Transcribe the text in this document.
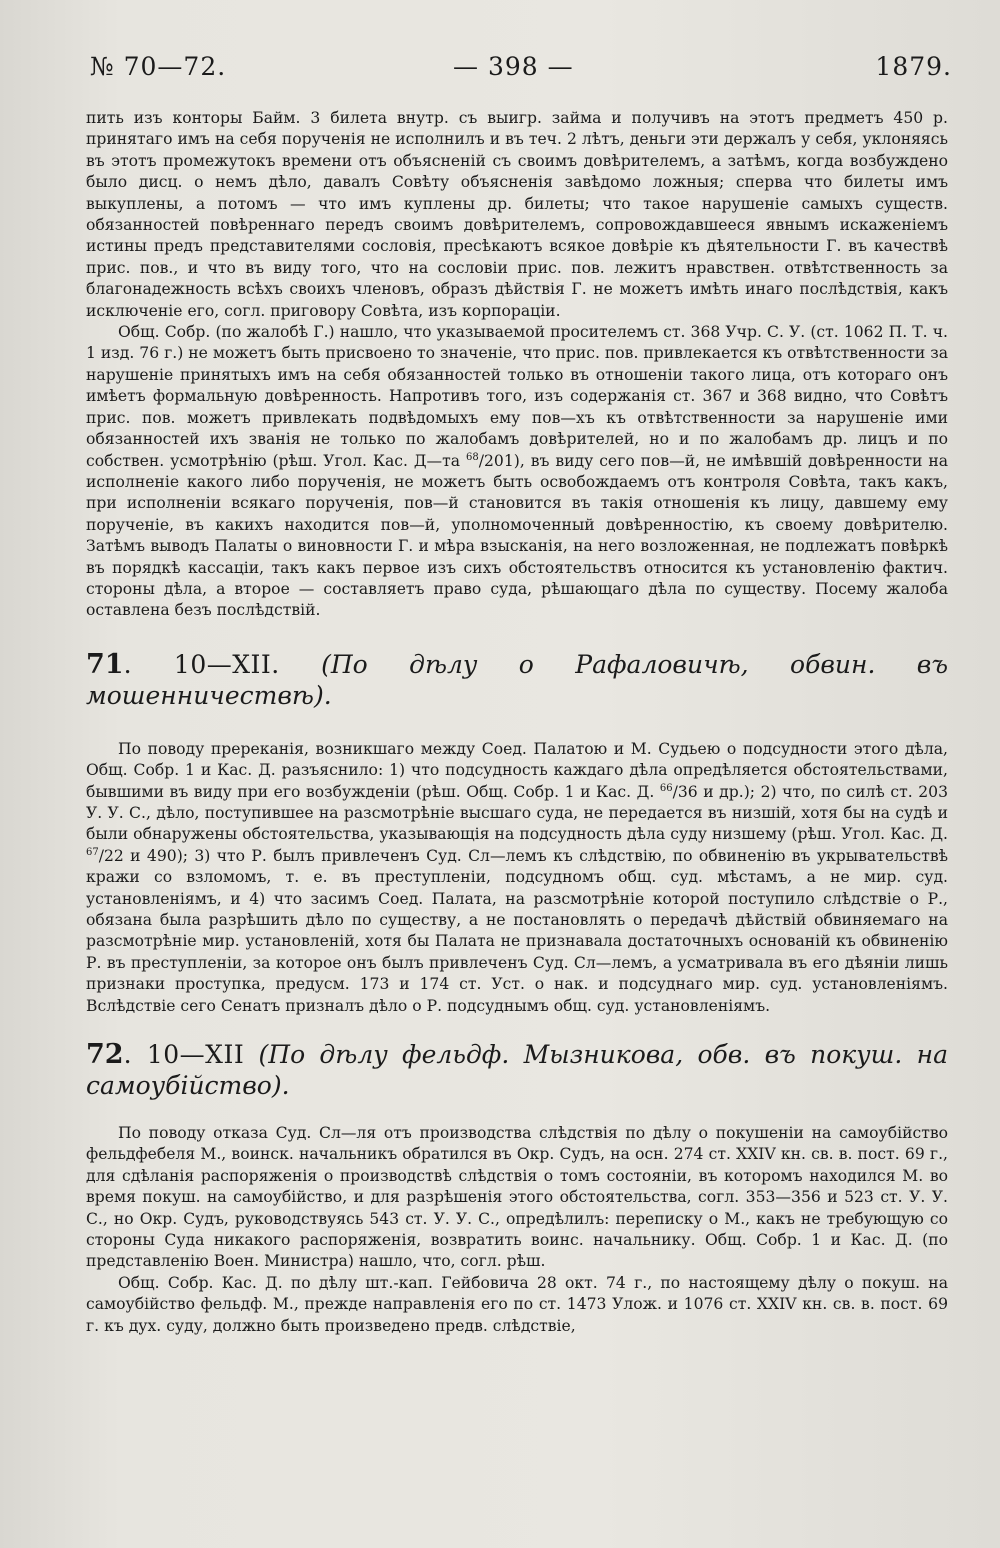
№ 70—72.	— 398 —	1879.

пить изъ конторы Байм. 3 билета внутр. съ выигр. займа и получивъ на этотъ предметъ 450 р. принятаго имъ на себя порученія не исполнилъ и въ теч. 2 лѣтъ, деньги эти держалъ у себя, уклоняясь въ этотъ промежутокъ времени отъ объясненій съ своимъ довѣрителемъ, а затѣмъ, когда возбуждено было дисц. о немъ дѣло, давалъ Совѣту объясненія завѣдомо ложныя; сперва что билеты имъ выкуплены, а потомъ — что имъ куплены др. билеты; что такое нарушеніе самыхъ существ. обязанностей повѣреннаго передъ своимъ довѣрителемъ, сопровождавшееся явнымъ искаженіемъ истины предъ представителями сословія, пресѣкаютъ всякое довѣріе къ дѣятельности Г. въ качествѣ прис. пов., и что въ виду того, что на сословіи прис. пов. лежитъ нравствен. отвѣтственность за благонадежность всѣхъ своихъ членовъ, образъ дѣйствія Г. не можетъ имѣть инаго послѣдствія, какъ исключеніе его, согл. приговору Совѣта, изъ корпораціи.

Общ. Собр. (по жалобѣ Г.) нашло, что указываемой просителемъ ст. 368 Учр. С. У. (ст. 1062 П. Т. ч. 1 изд. 76 г.) не можетъ быть присвоено то значеніе, что прис. пов. привлекается къ отвѣтственности за нарушеніе принятыхъ имъ на себя обязанностей только въ отношеніи такого лица, отъ котораго онъ имѣетъ формальную довѣренность. Напротивъ того, изъ содержанія ст. 367 и 368 видно, что Совѣтъ прис. пов. можетъ привлекать подвѣдомыхъ ему пов—хъ къ отвѣтственности за нарушеніе ими обязанностей ихъ званія не только по жалобамъ довѣрителей, но и по жалобамъ др. лицъ и по собствен. усмотрѣнію (рѣш. Угол. Кас. Д—та $^{68}$/201), въ виду сего пов—й, не имѣвшій довѣренности на исполненіе какого либо порученія, не можетъ быть освобождаемъ отъ контроля Совѣта, такъ какъ, при исполненіи всякаго порученія, пов—й становится въ такія отношенія къ лицу, давшему ему порученіе, въ какихъ находится пов—й, уполномоченный довѣренностію, къ своему довѣрителю. Затѣмъ выводъ Палаты о виновности Г. и мѣра взысканія, на него возложенная, не подлежатъ повѣркѣ въ порядкѣ кассаціи, такъ какъ первое изъ сихъ обстоятельствъ относится къ установленію фактич. стороны дѣла, а второе — составляетъ право суда, рѣшающаго дѣла по существу. Посему жалоба оставлена безъ послѣдствій.

71. 10—XII. (По дѣлу о Рафаловичѣ, обвин. въ мошенничествѣ).

По поводу пререканія, возникшаго между Соед. Палатою и М. Судьею о подсудности этого дѣла, Общ. Собр. 1 и Кас. Д. разъяснило: 1) что подсудность каждаго дѣла опредѣляется обстоятельствами, бывшими въ виду при его возбужденіи (рѣш. Общ. Собр. 1 и Кас. Д. $^{66}$/36 и др.); 2) что, по силѣ ст. 203 У. У. С., дѣло, поступившее на разсмотрѣніе высшаго суда, не передается въ низшій, хотя бы на судѣ и были обнаружены обстоятельства, указывающія на подсудность дѣла суду низшему (рѣш. Угол. Кас. Д. $^{67}$/22 и 490); 3) что Р. былъ привлеченъ Суд. Сл—лемъ къ слѣдствію, по обвиненію въ укрывательствѣ кражи со взломомъ, т. е. въ преступленіи, подсудномъ общ. суд. мѣстамъ, а не мир. суд. установленіямъ, и 4) что засимъ Соед. Палата, на разсмотрѣніе которой поступило слѣдствіе о Р., обязана была разрѣшить дѣло по существу, а не постановлять о передачѣ дѣйствій обвиняемаго на разсмотрѣніе мир. установленій, хотя бы Палата не признавала достаточныхъ основаній къ обвиненію Р. въ преступленіи, за которое онъ былъ привлеченъ Суд. Сл—лемъ, а усматривала въ его дѣяніи лишь признаки проступка, предусм. 173 и 174 ст. Уст. о нак. и подсуднаго мир. суд. установленіямъ. Вслѣдствіе сего Сенатъ призналъ дѣло о Р. подсуднымъ общ. суд. установленіямъ.

72. 10—XII (По дѣлу фельдф. Мызникова, обв. въ покуш. на самоубійство).

По поводу отказа Суд. Сл—ля отъ производства слѣдствія по дѣлу о покушеніи на самоубійство фельдфебеля М., воинск. начальникъ обратился въ Окр. Судъ, на осн. 274 ст. XXIV кн. св. в. пост. 69 г., для сдѣланія распоряженія о производствѣ слѣдствія о томъ состояніи, въ которомъ находился М. во время покуш. на самоубійство, и для разрѣшенія этого обстоятельства, согл. 353—356 и 523 ст. У. У. С., но Окр. Судъ, руководствуясь 543 ст. У. У. С., опредѣлилъ: переписку о М., какъ не требующую со стороны Суда никакого распоряженія, возвратить воинс. начальнику. Общ. Собр. 1 и Кас. Д. (по представленію Воен. Министра) нашло, что, согл. рѣш.

Общ. Собр. Кас. Д. по дѣлу шт.-кап. Гейбовича 28 окт. 74 г., по настоящему дѣлу о покуш. на самоубійство фельдф. М., прежде направленія его по ст. 1473 Улож. и 1076 ст. XXIV кн. св. в. пост. 69 г. къ дух. суду, должно быть произведено предв. слѣдствіе,
